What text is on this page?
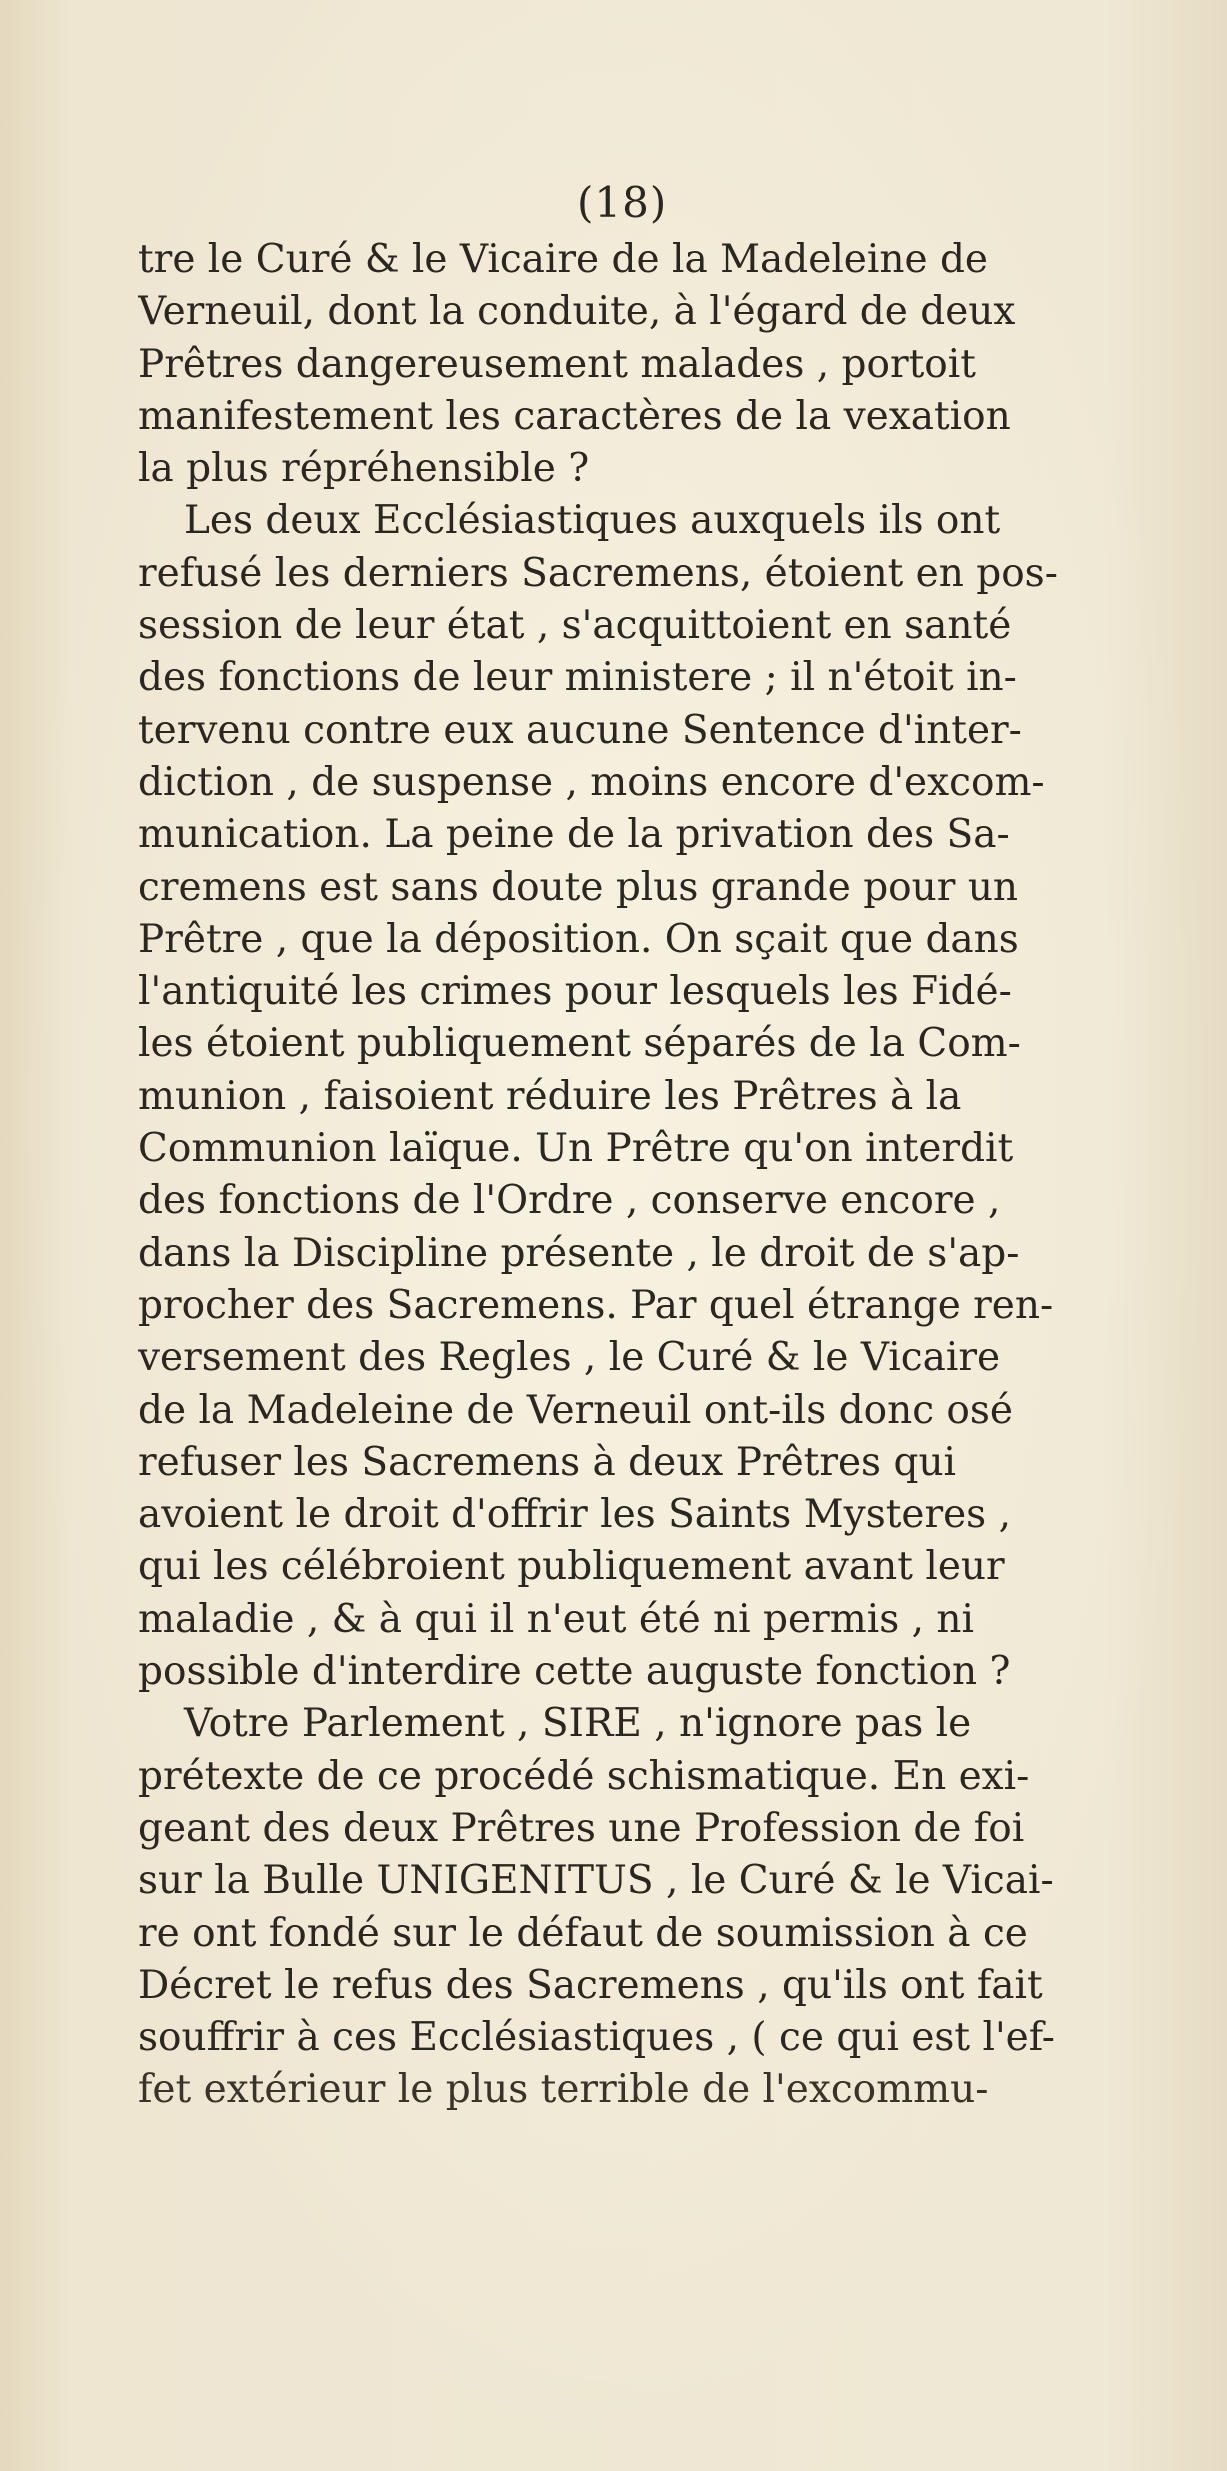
(18)
tre le Curé & le Vicaire de la Madeleine de
Verneuil, dont la conduite, à l'égard de deux
Prêtres dangereusement malades , portoit
manifestement les caractères de la vexation
la plus répréhensible ?
Les deux Ecclésiastiques auxquels ils ont
refusé les derniers Sacremens, étoient en pos-
session de leur état , s'acquittoient en santé
des fonctions de leur ministere ; il n'étoit in-
tervenu contre eux aucune Sentence d'inter-
diction , de suspense , moins encore d'excom-
munication. La peine de la privation des Sa-
cremens est sans doute plus grande pour un
Prêtre , que la déposition. On sçait que dans
l'antiquité les crimes pour lesquels les Fidé-
les étoient publiquement séparés de la Com-
munion , faisoient réduire les Prêtres à la
Communion laïque. Un Prêtre qu'on interdit
des fonctions de l'Ordre , conserve encore ,
dans la Discipline présente , le droit de s'ap-
procher des Sacremens. Par quel étrange ren-
versement des Regles , le Curé & le Vicaire
de la Madeleine de Verneuil ont-ils donc osé
refuser les Sacremens à deux Prêtres qui
avoient le droit d'offrir les Saints Mysteres ,
qui les célébroient publiquement avant leur
maladie , & à qui il n'eut été ni permis , ni
possible d'interdire cette auguste fonction ?
Votre Parlement , SIRE , n'ignore pas le
prétexte de ce procédé schismatique. En exi-
geant des deux Prêtres une Profession de foi
sur la Bulle UNIGENITUS , le Curé & le Vicai-
re ont fondé sur le défaut de soumission à ce
Décret le refus des Sacremens , qu'ils ont fait
souffrir à ces Ecclésiastiques , ( ce qui est l'ef-
fet extérieur le plus terrible de l'excommu-
